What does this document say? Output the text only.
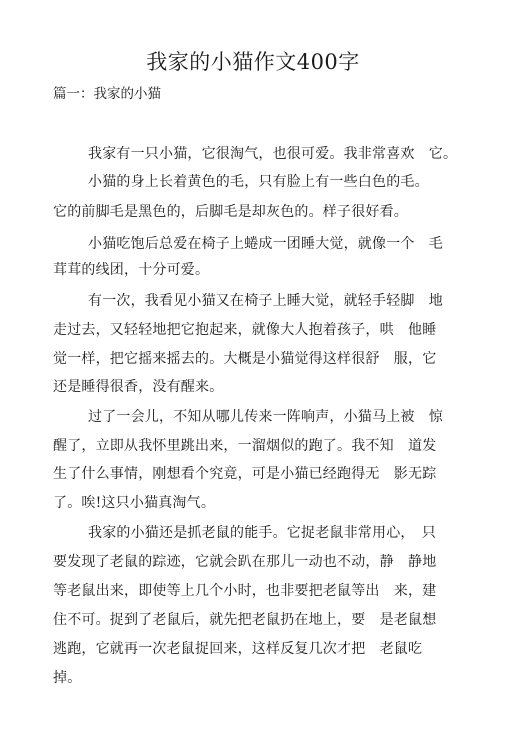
我家的小猫作文400字
篇一：我家的小猫
我家有一只小猫，它很淘气，也很可爱。我非常喜欢　它。
小猫的身上长着黄色的毛，只有脸上有一些白色的毛。
它的前脚毛是黑色的，后脚毛是却灰色的。样子很好看。
小猫吃饱后总爱在椅子上蜷成一团睡大觉，就像一个　毛
茸茸的线团，十分可爱。
有一次，我看见小猫又在椅子上睡大觉，就轻手轻脚　地
走过去，又轻轻地把它抱起来，就像大人抱着孩子，哄　他睡
觉一样，把它摇来摇去的。大概是小猫觉得这样很舒　服，它
还是睡得很香，没有醒来。
过了一会儿，不知从哪儿传来一阵响声，小猫马上被　惊
醒了，立即从我怀里跳出来，一溜烟似的跑了。我不知　道发
生了什么事情，刚想看个究竟，可是小猫已经跑得无　影无踪
了。唉!这只小猫真淘气。
我家的小猫还是抓老鼠的能手。它捉老鼠非常用心，　只
要发现了老鼠的踪迹，它就会趴在那儿一动也不动，静　静地
等老鼠出来，即使等上几个小时，也非要把老鼠等出　来，建
住不可。捉到了老鼠后，就先把老鼠扔在地上，要　是老鼠想
逃跑，它就再一次老鼠捉回来，这样反复几次才把　老鼠吃
掉。
